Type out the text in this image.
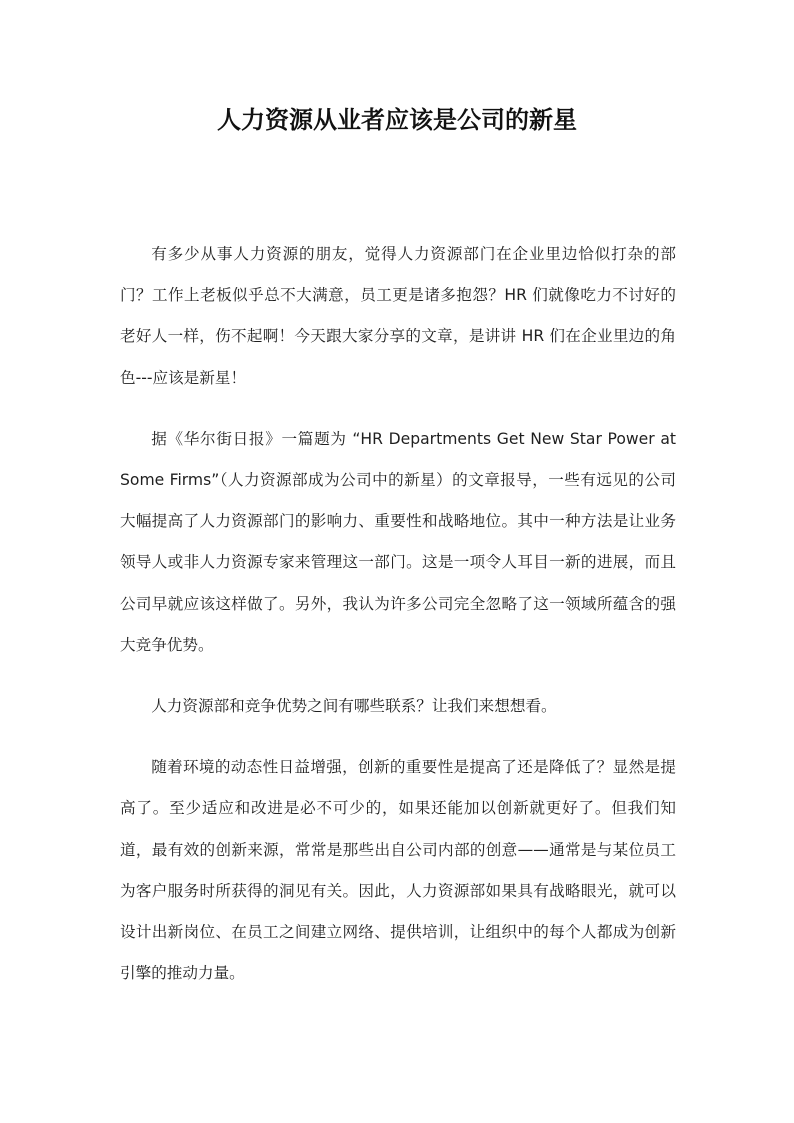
人力资源从业者应该是公司的新星

有多少从事人力资源的朋友，觉得人力资源部门在企业里边恰似打杂的部门？工作上老板似乎总不大满意，员工更是诸多抱怨？HR 们就像吃力不讨好的老好人一样，伤不起啊！今天跟大家分享的文章，是讲讲 HR 们在企业里边的角色---应该是新星！

据《华尔街日报》一篇题为 “HR Departments Get New Star Power at Some Firms”（人力资源部成为公司中的新星）的文章报导，一些有远见的公司大幅提高了人力资源部门的影响力、重要性和战略地位。其中一种方法是让业务领导人或非人力资源专家来管理这一部门。这是一项令人耳目一新的进展，而且公司早就应该这样做了。另外，我认为许多公司完全忽略了这一领域所蕴含的强大竞争优势。

人力资源部和竞争优势之间有哪些联系？让我们来想想看。

随着环境的动态性日益增强，创新的重要性是提高了还是降低了？显然是提高了。至少适应和改进是必不可少的，如果还能加以创新就更好了。但我们知道，最有效的创新来源，常常是那些出自公司内部的创意——通常是与某位员工为客户服务时所获得的洞见有关。因此，人力资源部如果具有战略眼光，就可以设计出新岗位、在员工之间建立网络、提供培训，让组织中的每个人都成为创新引擎的推动力量。
